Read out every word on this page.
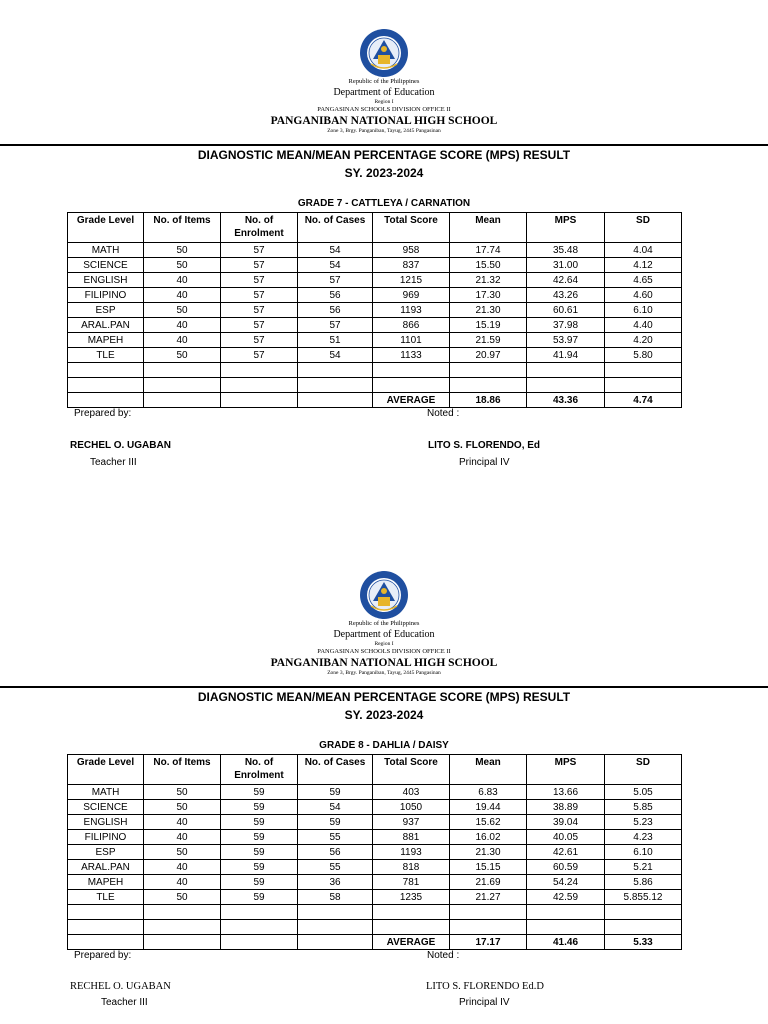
Republic of the Philippines
Department of Education
Region I
PANGASINAN SCHOOLS DIVISION OFFICE II
PANGANIBAN NATIONAL HIGH SCHOOL
Zone 3, Brgy. Panganiban, Tayug, 2445 Pangasinan
DIAGNOSTIC MEAN/MEAN PERCENTAGE SCORE (MPS) RESULT
SY. 2023-2024
GRADE 7 - CATTLEYA / CARNATION
Grade Level	No. of Items	No. of Enrolment	No. of Cases	Total Score	Mean	MPS	SD
MATH	50	57	54	958	17.74	35.48	4.04
SCIENCE	50	57	54	837	15.50	31.00	4.12
ENGLISH	40	57	57	1215	21.32	42.64	4.65
FILIPINO	40	57	56	969	17.30	43.26	4.60
ESP	50	57	56	1193	21.30	60.61	6.10
ARAL.PAN	40	57	57	866	15.19	37.98	4.40
MAPEH	40	57	51	1101	21.59	53.97	4.20
TLE	50	57	54	1133	20.97	41.94	5.80

				AVERAGE	18.86	43.36	4.74
Prepared by:	Noted :
RECHEL O. UGABAN
Teacher III
LITO S. FLORENDO, Ed
Principal IV
Republic of the Philippines
Department of Education
Region I
PANGASINAN SCHOOLS DIVISION OFFICE II
PANGANIBAN NATIONAL HIGH SCHOOL
Zone 3, Brgy. Panganiban, Tayug, 2445 Pangasinan
DIAGNOSTIC MEAN/MEAN PERCENTAGE SCORE (MPS) RESULT
SY. 2023-2024
GRADE 8 - DAHLIA / DAISY
Grade Level	No. of Items	No. of Enrolment	No. of Cases	Total Score	Mean	MPS	SD
MATH	50	59	59	403	6.83	13.66	5.05
SCIENCE	50	59	54	1050	19.44	38.89	5.85
ENGLISH	40	59	59	937	15.62	39.04	5.23
FILIPINO	40	59	55	881	16.02	40.05	4.23
ESP	50	59	56	1193	21.30	42.61	6.10
ARAL.PAN	40	59	55	818	15.15	60.59	5.21
MAPEH	40	59	36	781	21.69	54.24	5.86
TLE	50	59	58	1235	21.27	42.59	5.855.12

				AVERAGE	17.17	41.46	5.33
Prepared by:	Noted :
RECHEL O. UGABAN
Teacher III
LITO S. FLORENDO Ed.D
Principal IV
